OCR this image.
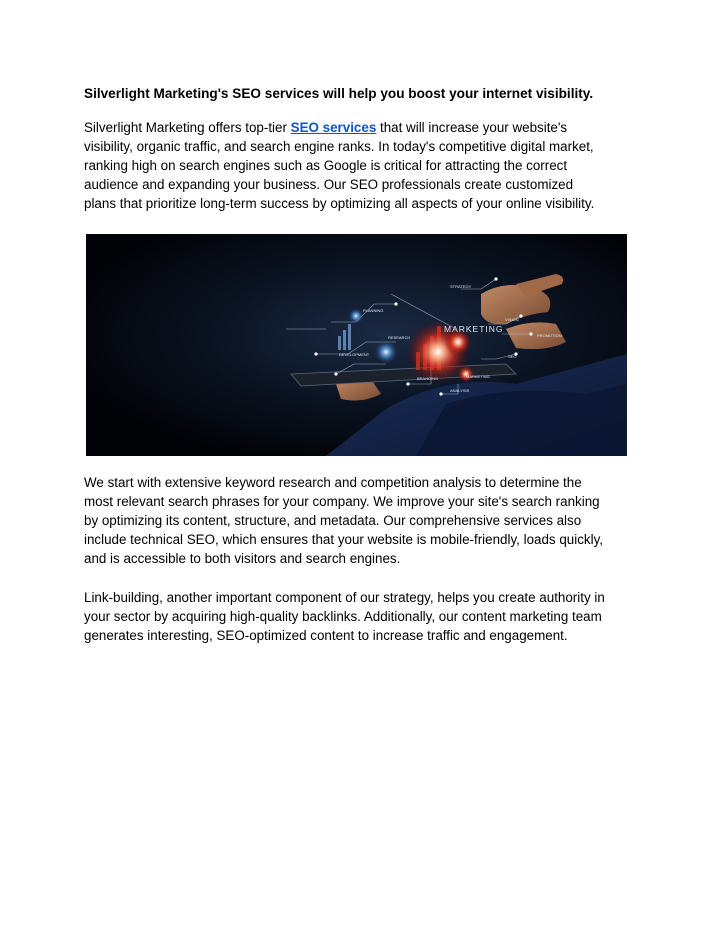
Silverlight Marketing's SEO services will help you boost your internet visibility.
Silverlight Marketing offers top-tier SEO services that will increase your website's
visibility, organic traffic, and search engine ranks. In today's competitive digital market,
ranking high on search engines such as Google is critical for attracting the correct
audience and expanding your business. Our SEO professionals create customized
plans that prioritize long-term success by optimizing all aspects of your online visibility.
MARKETING
STRATEGY
PLANNING
VISION
RESEARCH	PROMOTION
DEVELOPMENT	SEO
BRANDING
ANALYSIS
MARKETING
We start with extensive keyword research and competition analysis to determine the
most relevant search phrases for your company. We improve your site's search ranking
by optimizing its content, structure, and metadata. Our comprehensive services also
include technical SEO, which ensures that your website is mobile-friendly, loads quickly,
and is accessible to both visitors and search engines.
Link-building, another important component of our strategy, helps you create authority in
your sector by acquiring high-quality backlinks. Additionally, our content marketing team
generates interesting, SEO-optimized content to increase traffic and engagement.
